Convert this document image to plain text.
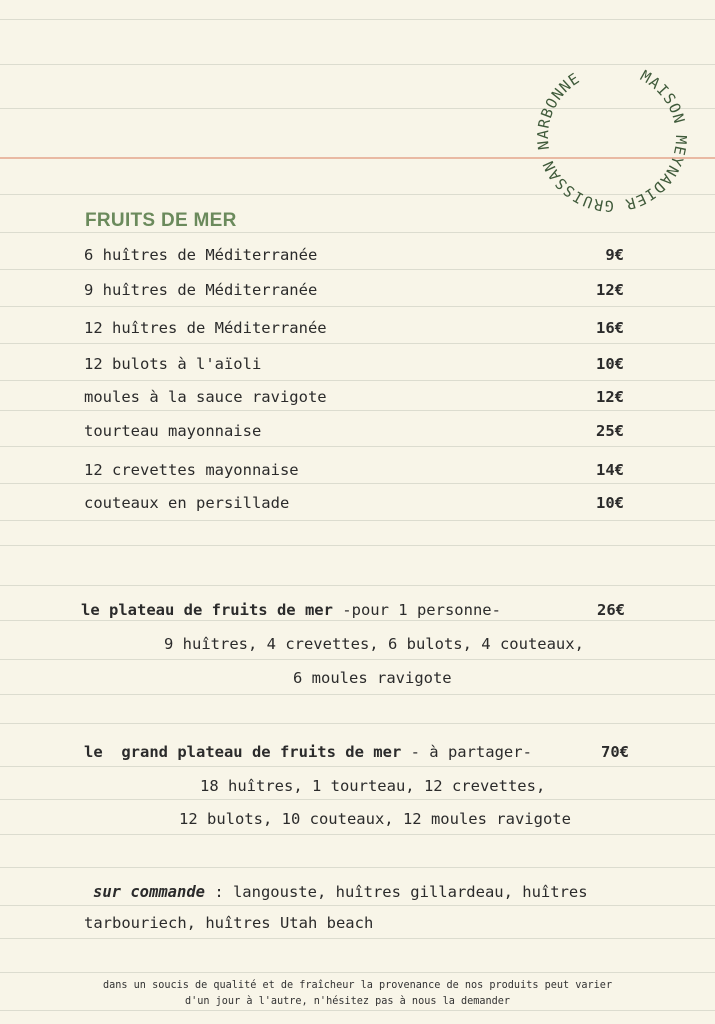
MAISON MEYNADIER GRUISSAN NARBONNE
FRUITS DE MER
6 huîtres de Méditerranée	9€
9 huîtres de Méditerranée	12€
12 huîtres de Méditerranée	16€
12 bulots à l'aïoli	10€
moules à la sauce ravigote	12€
tourteau mayonnaise	25€
12 crevettes mayonnaise	14€
couteaux en persillade	10€
le plateau de fruits de mer -pour 1 personne-	26€
9 huîtres, 4 crevettes, 6 bulots, 4 couteaux,
6 moules ravigote
le  grand plateau de fruits de mer - à partager-	70€
18 huîtres, 1 tourteau, 12 crevettes,
12 bulots, 10 couteaux, 12 moules ravigote
sur commande : langouste, huîtres gillardeau, huîtres
tarbouriech, huîtres Utah beach
dans un soucis de qualité et de fraîcheur la provenance de nos produits peut varier
d'un jour à l'autre, n'hésitez pas à nous la demander
